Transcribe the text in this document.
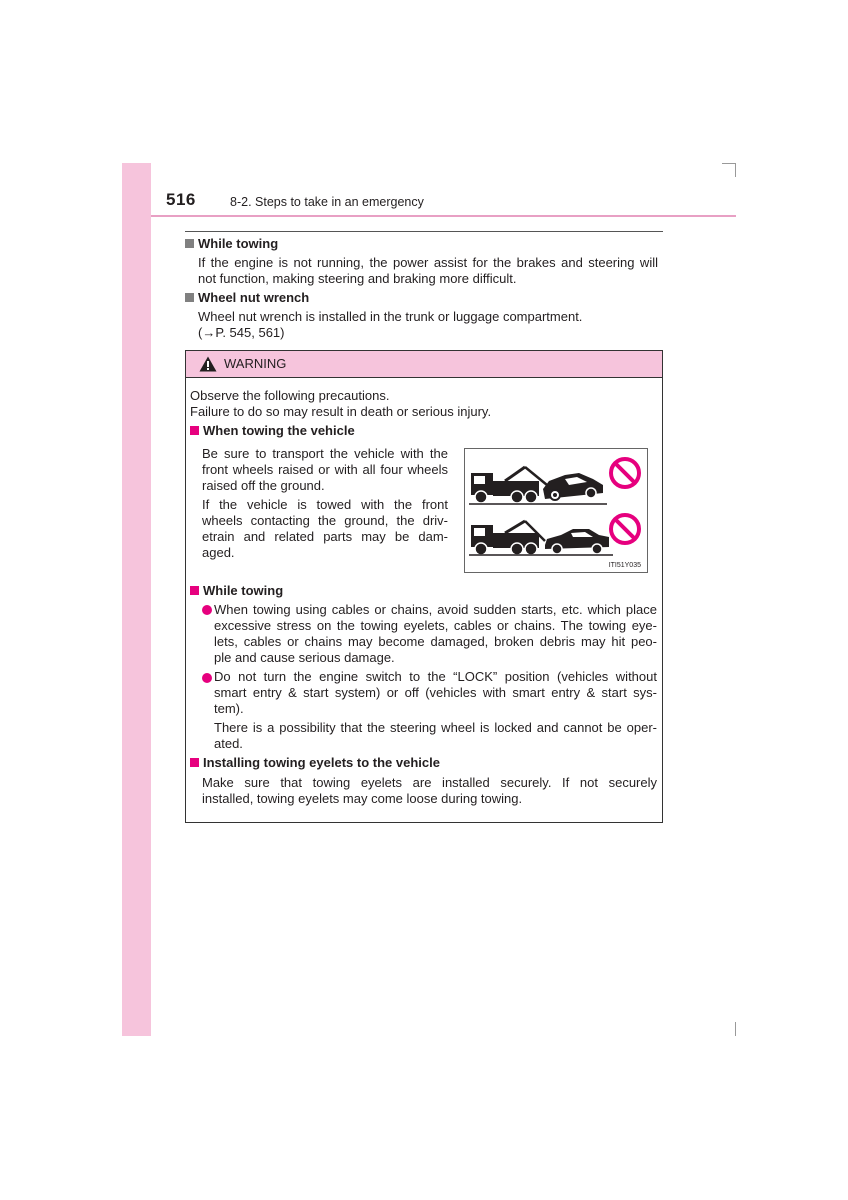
516	8-2. Steps to take in an emergency
While towing
If the engine is not running, the power assist for the brakes and steering will
not function, making steering and braking more difficult.
Wheel nut wrench
Wheel nut wrench is installed in the trunk or luggage compartment.
(→P. 545, 561)
WARNING
Observe the following precautions.
Failure to do so may result in death or serious injury.
When towing the vehicle
Be sure to transport the vehicle with the
front wheels raised or with all four wheels
raised off the ground.
If the vehicle is towed with the front
wheels contacting the ground, the driv-
etrain and related parts may be dam-
aged.
ITI51Y035
While towing
When towing using cables or chains, avoid sudden starts, etc. which place
excessive stress on the towing eyelets, cables or chains. The towing eye-
lets, cables or chains may become damaged, broken debris may hit peo-
ple and cause serious damage.
Do not turn the engine switch to the “LOCK” position (vehicles without
smart entry & start system) or off (vehicles with smart entry & start sys-
tem).
There is a possibility that the steering wheel is locked and cannot be oper-
ated.
Installing towing eyelets to the vehicle
Make sure that towing eyelets are installed securely. If not securely
installed, towing eyelets may come loose during towing.
